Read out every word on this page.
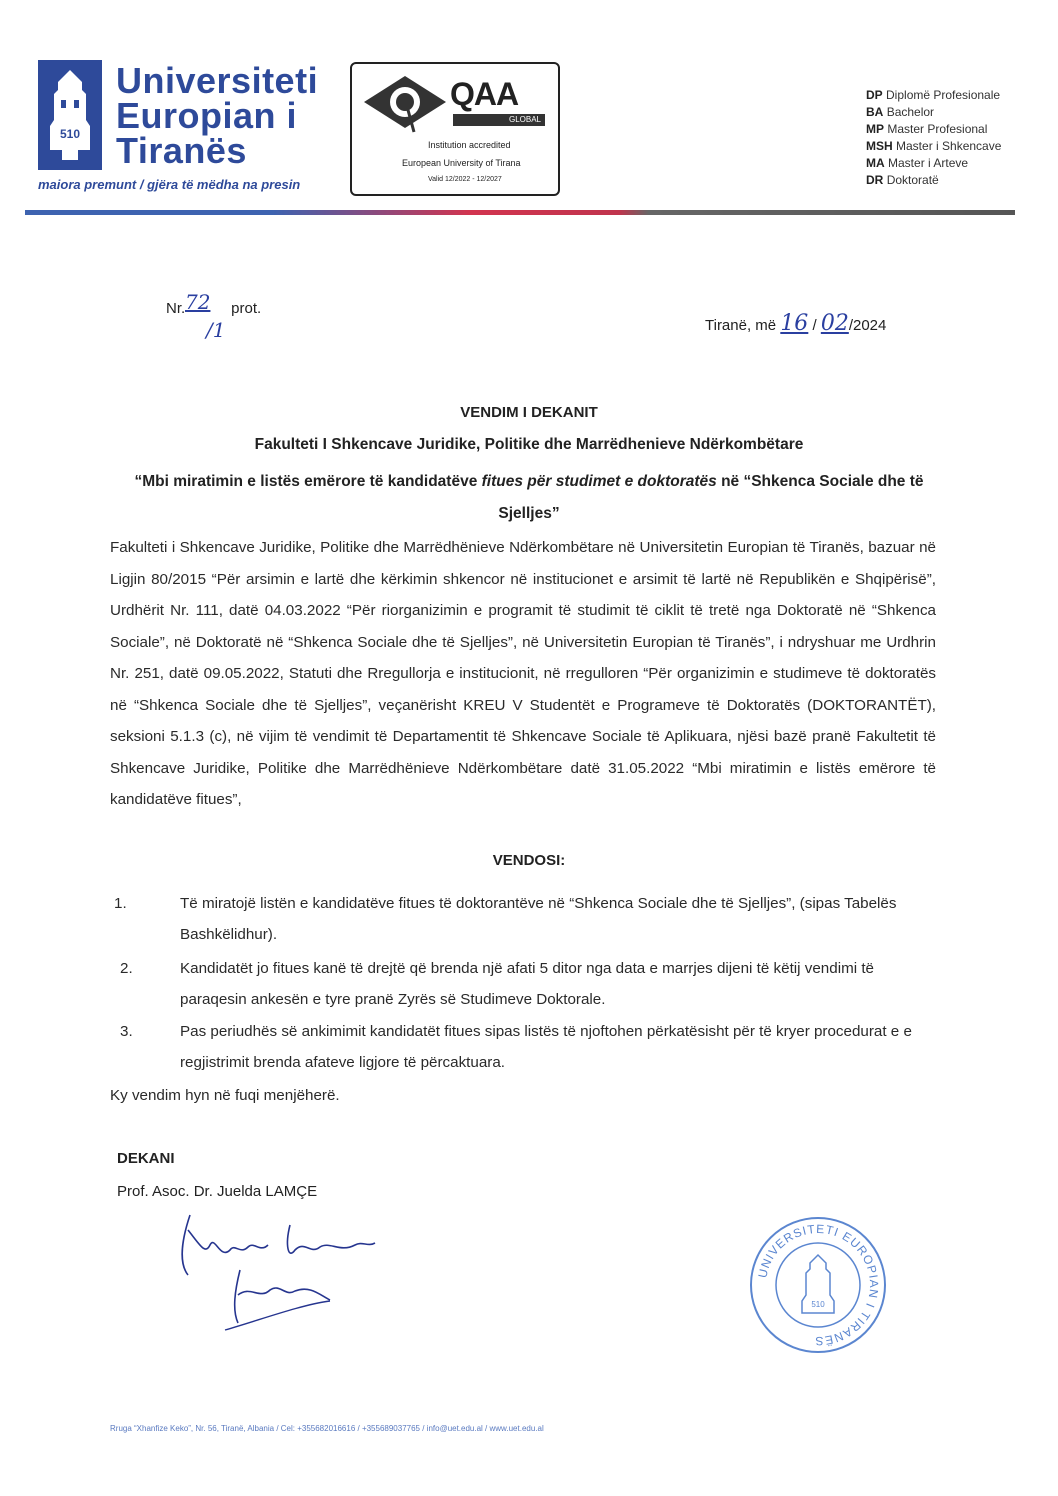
510
Universiteti
Europian i
Tiranës
maiora premunt / gjëra të mëdha na presin
QAA
GLOBAL
Institution accredited
European University of Tirana
Valid 12/2022 - 12/2027
DP Diplomë Profesionale
BA Bachelor
MP Master Profesional
MSH Master i Shkencave
MA Master i Arteve
DR Doktoratë
Nr.	prot.
72
/1	Tiranë, më 16 / 02/2024
VENDIM I DEKANIT
Fakulteti I Shkencave Juridike, Politike dhe Marrëdhenieve Ndërkombëtare
“Mbi miratimin e listës emërore të kandidatëve fitues për studimet e doktoratës në “Shkenca Sociale dhe të Sjelljes”
Fakulteti i Shkencave Juridike, Politike dhe Marrëdhënieve Ndërkombëtare në Universitetin Europian të Tiranës, bazuar në Ligjin 80/2015 “Për arsimin e lartë dhe kërkimin shkencor në institucionet e arsimit të lartë në Republikën e Shqipërisë”, Urdhërit Nr. 111, datë 04.03.2022 “Për riorganizimin e programit të studimit të ciklit të tretë nga Doktoratë në “Shkenca Sociale”, në Doktoratë në “Shkenca Sociale dhe të Sjelljes”, në Universitetin Europian të Tiranës”, i ndryshuar me Urdhrin Nr. 251, datë 09.05.2022, Statuti dhe Rregullorja e institucionit, në rregulloren “Për organizimin e studimeve të doktoratës në “Shkenca Sociale dhe të Sjelljes”, veçanërisht KREU V Studentët e Programeve të Doktoratës (DOKTORANTËT), seksioni 5.1.3 (c), në vijim të vendimit të Departamentit të Shkencave Sociale të Aplikuara, njësi bazë pranë Fakultetit të Shkencave Juridike, Politike dhe Marrëdhënieve Ndërkombëtare datë 31.05.2022 “Mbi miratimin e listës emërore të kandidatëve fitues”,
VENDOSI:
1.	Të miratojë listën e kandidatëve fitues të doktorantëve në “Shkenca Sociale dhe të Sjelljes”, (sipas Tabelës Bashkëlidhur).
2.	Kandidatët jo fitues kanë të drejtë që brenda një afati 5 ditor nga data e marrjes dijeni të këtij vendimi të paraqesin ankesën e tyre pranë Zyrës së Studimeve Doktorale.
3.	Pas periudhës së ankimimit kandidatët fitues sipas listës të njoftohen përkatësisht për të kryer procedurat e e regjistrimit brenda afateve ligjore të përcaktuara.
Ky vendim hyn në fuqi menjëherë.
DEKANI
Prof. Asoc. Dr. Juelda LAMÇE
UNIVERSITETI EUROPIAN I TIRANËS
510
Rruga “Xhanfize Keko”, Nr. 56, Tiranë, Albania / Cel: +355682016616 / +355689037765 / info@uet.edu.al / www.uet.edu.al
